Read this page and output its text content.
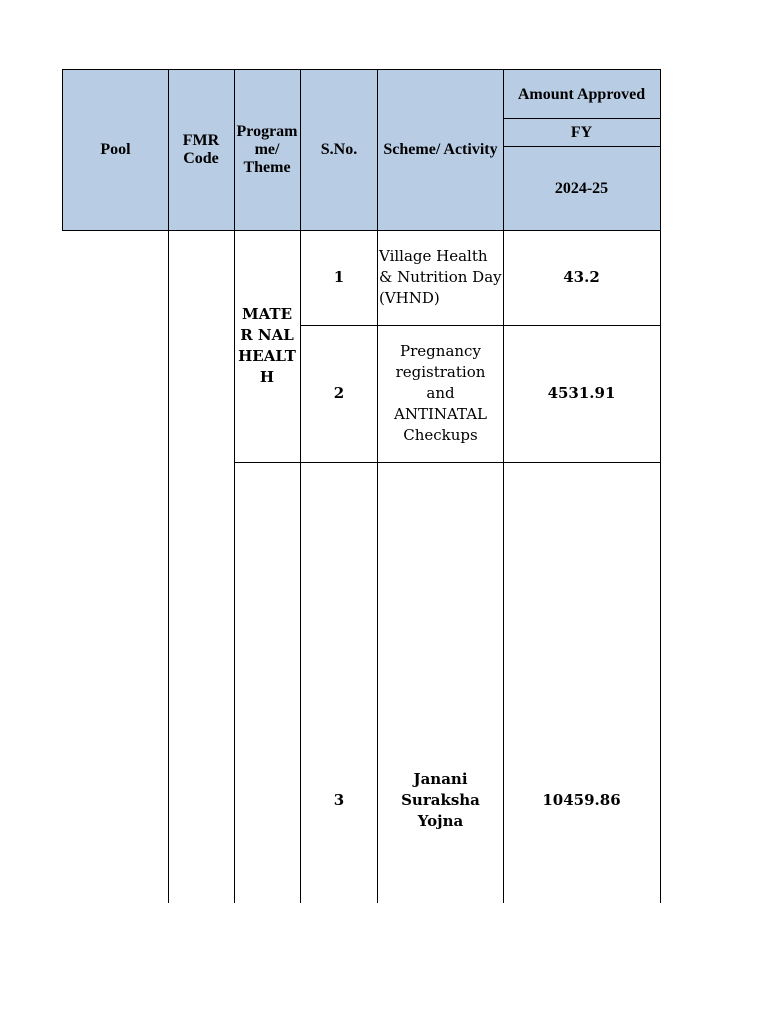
Pool
FMR Code
Program me/ Theme
S.No. Scheme/ Activity
Amount Approved
FY
2024-25
MATER NAL HEALT H
1
Village Health & Nutrition Day (VHND)
43.2
2
Pregnancy registration and ANTINATAL Checkups
4531.91
3
Janani Suraksha Yojna
10459.86
